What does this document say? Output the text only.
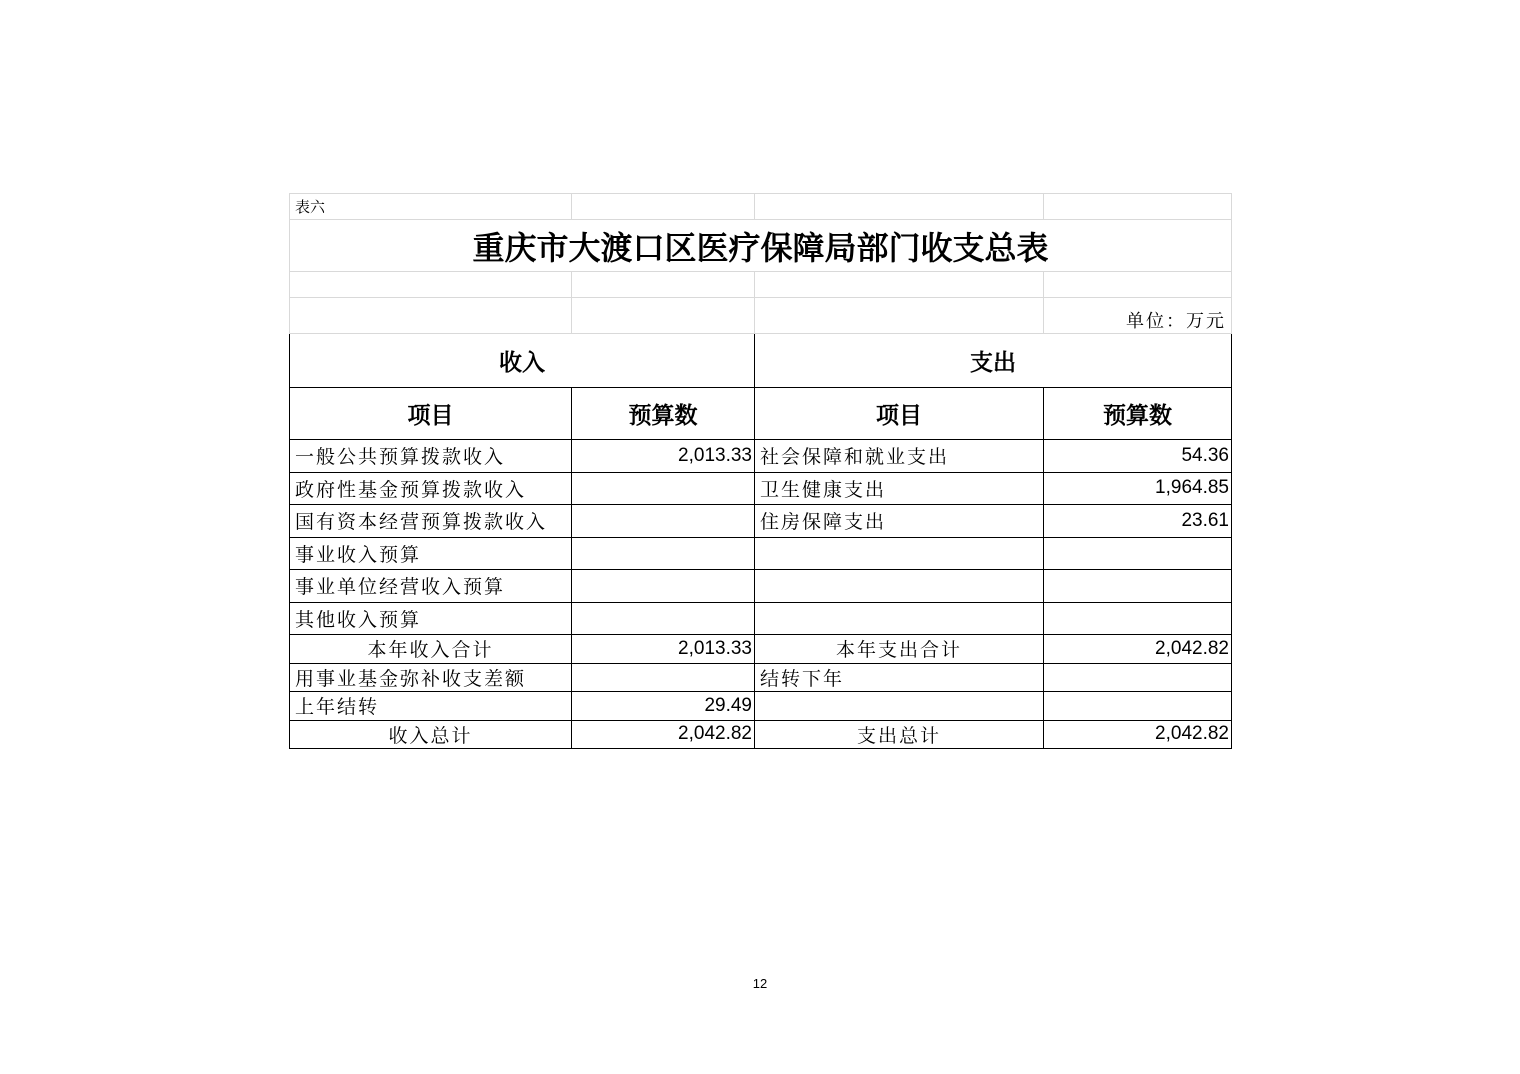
表六			
重庆市大渡口区医疗保障局部门收支总表			

			单位：万元
收入		支出	
项目	预算数	项目	预算数
一般公共预算拨款收入	2,013.33	社会保障和就业支出	54.36
政府性基金预算拨款收入		卫生健康支出	1,964.85
国有资本经营预算拨款收入		住房保障支出	23.61
事业收入预算			
事业单位经营收入预算			
其他收入预算			
本年收入合计	2,013.33	本年支出合计	2,042.82
用事业基金弥补收支差额		结转下年	
上年结转	29.49		
收入总计	2,042.82	支出总计	2,042.82
12
